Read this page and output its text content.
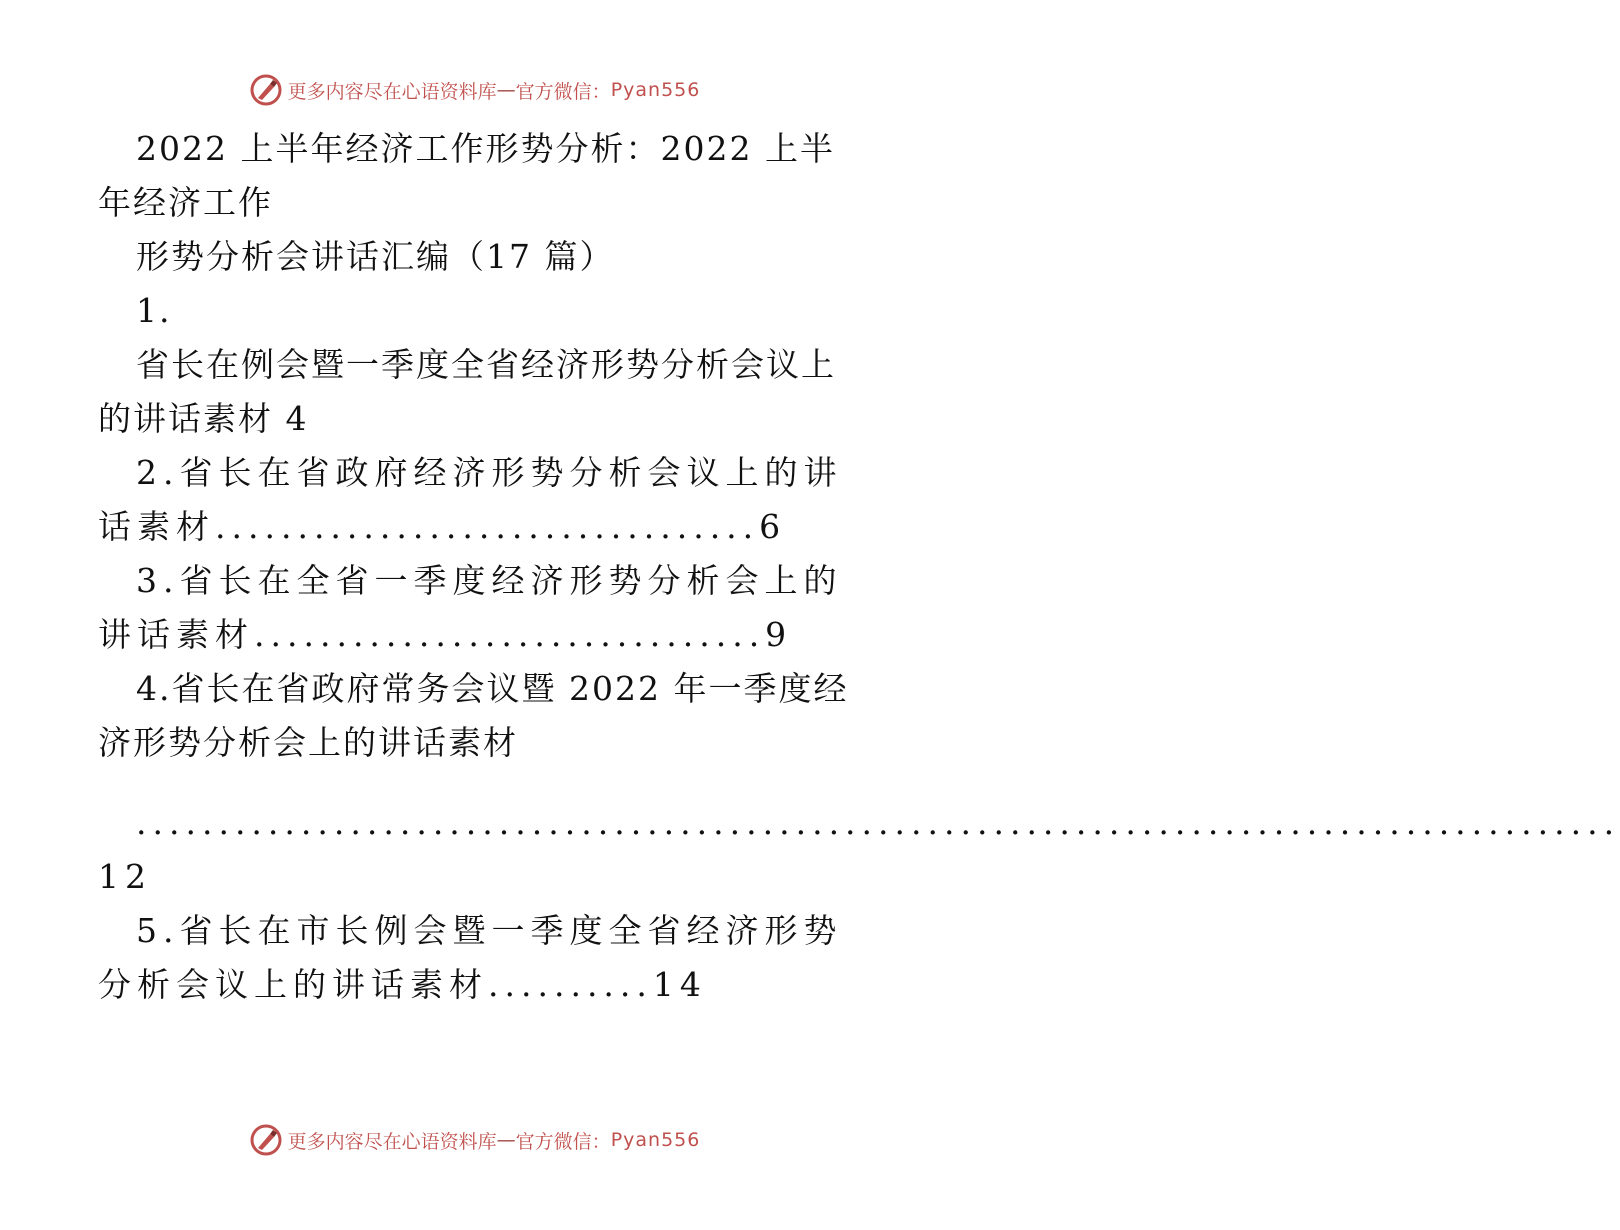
更多内容尽在心语资料库 — 官方微信： Pyan556

2022 上半年经济工作形势分析：2022 上半年经济工作

形势分析会讲话汇编（17 篇）

1.

省长在例会暨一季度全省经济形势分析会议上的讲话素材 4

2.省长在省政府经济形势分析会议上的讲话素材.................................6

3.省长在全省一季度经济形势分析会上的讲话素材...............................9

4.省长在省政府常务会议暨 2022 年一季度经济形势分析会上的讲话素材

..........................................................................................12

5.省长在市长例会暨一季度全省经济形势分析会议上的讲话素材..........14

更多内容尽在心语资料库 — 官方微信： Pyan556
